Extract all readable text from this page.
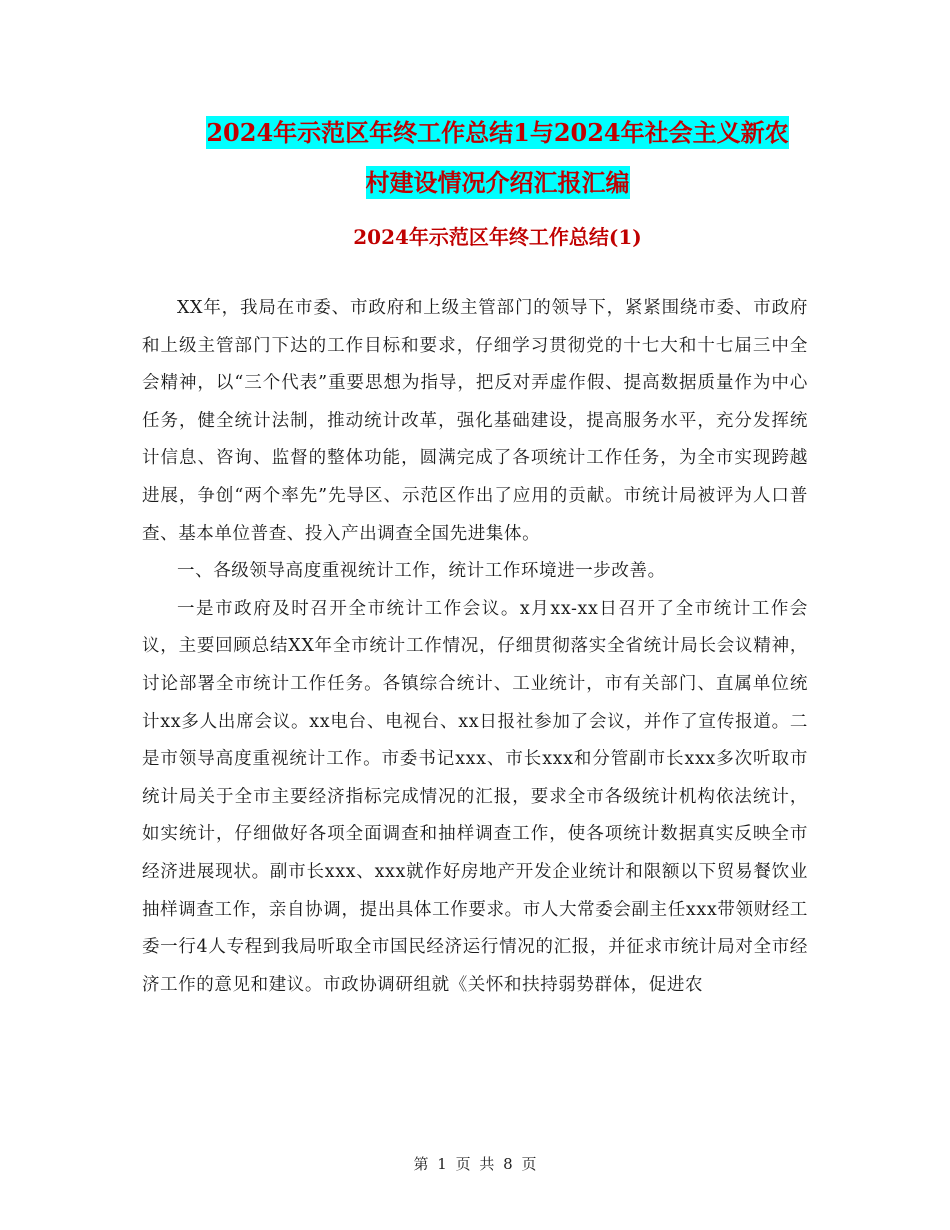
2024年示范区年终工作总结1与2024年社会主义新农
村建设情况介绍汇报汇编
2024年示范区年终工作总结(1)

XX年，我局在市委、市政府和上级主管部门的领导下，紧紧围绕市委、市政府和上级主管部门下达的工作目标和要求，仔细学习贯彻党的十七大和十七届三中全会精神，以“三个代表”重要思想为指导，把反对弄虚作假、提高数据质量作为中心任务，健全统计法制，推动统计改革，强化基础建设，提高服务水平，充分发挥统计信息、咨询、监督的整体功能，圆满完成了各项统计工作任务，为全市实现跨越进展，争创“两个率先”先导区、示范区作出了应用的贡献。市统计局被评为人口普查、基本单位普查、投入产出调查全国先进集体。

一、各级领导高度重视统计工作，统计工作环境进一步改善。

一是市政府及时召开全市统计工作会议。x月xx-xx日召开了全市统计工作会议，主要回顾总结XX年全市统计工作情况，仔细贯彻落实全省统计局长会议精神，讨论部署全市统计工作任务。各镇综合统计、工业统计，市有关部门、直属单位统计xx多人出席会议。xx电台、电视台、xx日报社参加了会议，并作了宣传报道。二是市领导高度重视统计工作。市委书记xxx、市长xxx和分管副市长xxx多次听取市统计局关于全市主要经济指标完成情况的汇报，要求全市各级统计机构依法统计，如实统计，仔细做好各项全面调查和抽样调查工作，使各项统计数据真实反映全市经济进展现状。副市长xxx、xxx就作好房地产开发企业统计和限额以下贸易餐饮业抽样调查工作，亲自协调，提出具体工作要求。市人大常委会副主任xxx带领财经工委一行4人专程到我局听取全市国民经济运行情况的汇报，并征求市统计局对全市经济工作的意见和建议。市政协调研组就《关怀和扶持弱势群体，促进农

第 1 页 共 8 页
